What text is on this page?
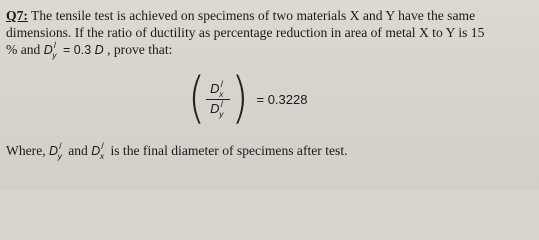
Q7: The tensile test is achieved on specimens of two materials X and Y have the same
dimensions. If the ratio of ductility as percentage reduction in area of metal X to Y is 15
% and $D^/_y = 0.3$ D , prove that:
( $\frac{D^/_x}{D^/_y}$ ) = 0.3228
Where, $D^/_y$ and $D^/_x$ is the final diameter of specimens after test.
